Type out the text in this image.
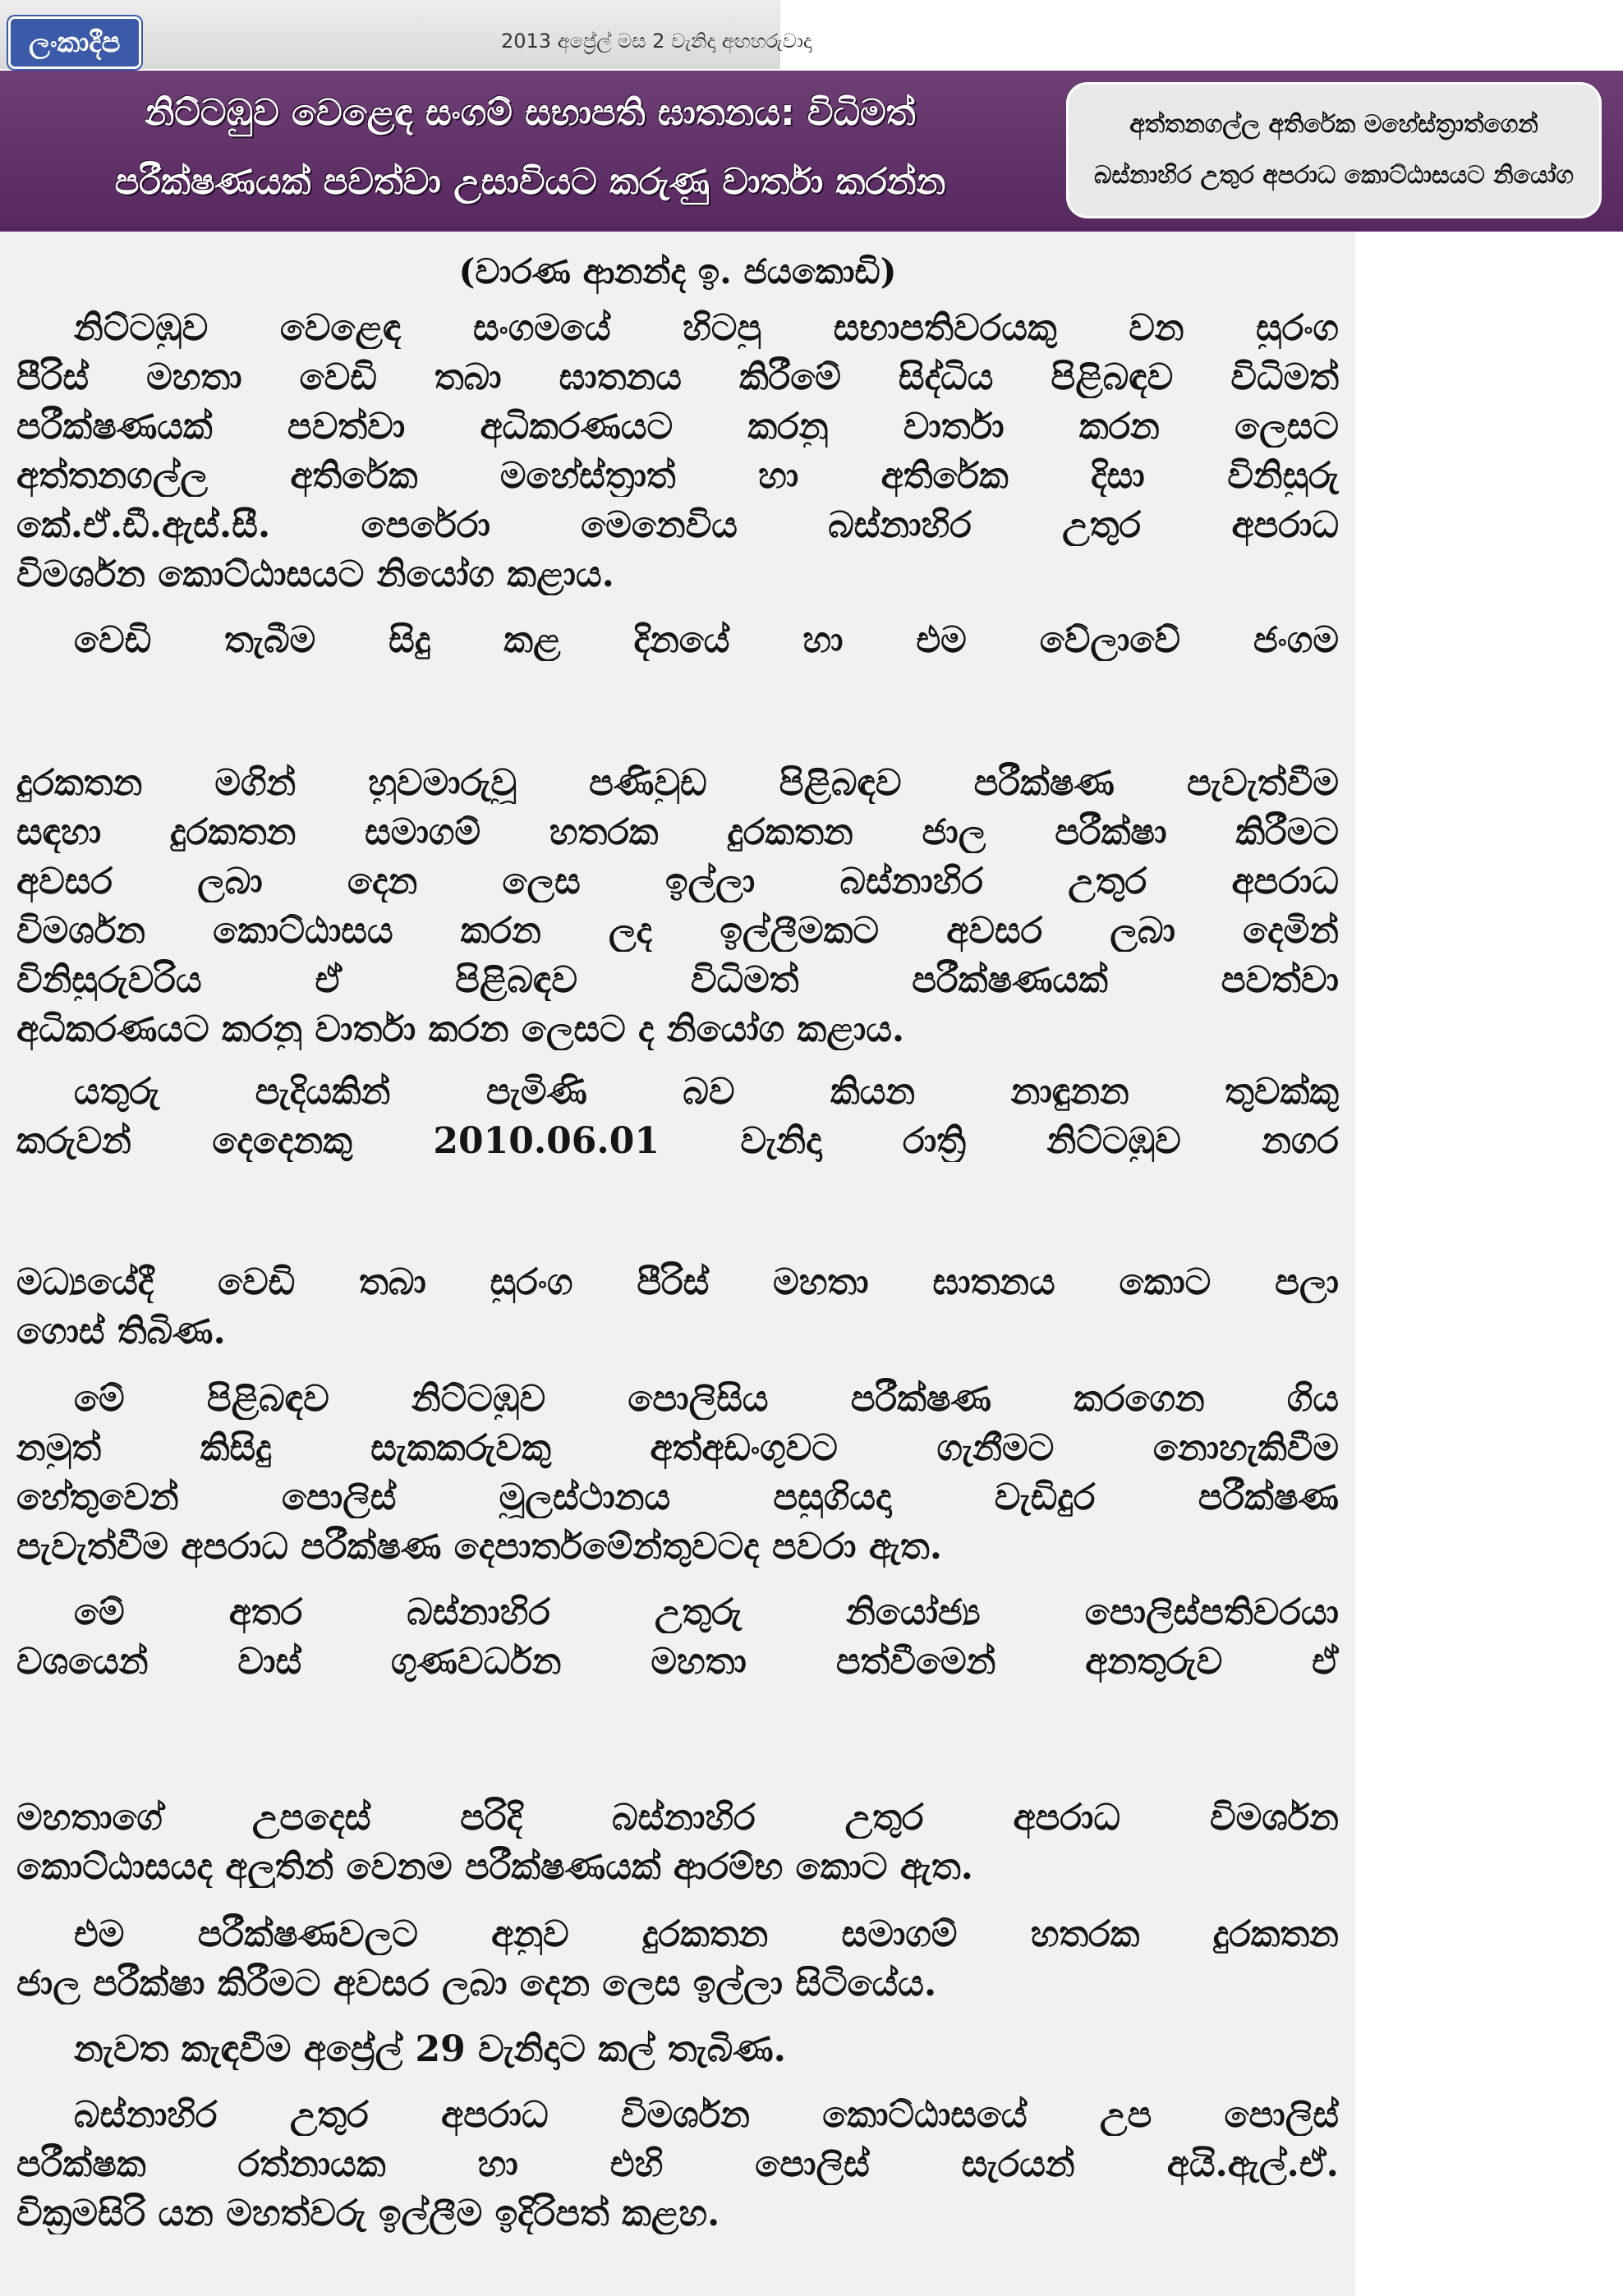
ලංකාදීප	2013 අප්‍රේල් මස 2 වැනිදා අඟහරුවාදා
නිට්ටඹුව වෙළෙඳ සංගම් සභාපති ඝාතනය: විධිමත්
පරීක්ෂණයක් පවත්වා උසාවියට කරුණු වාර්තා කරන්න
අත්තනගල්ල අතිරේක මහේස්ත්‍රාත්ගෙන්
බස්නාහිර උතුර අපරාධ කොට්ඨාසයට නියෝග
(වාරණ ආනන්ද ඉ. ජයකොඩි)
නිට්ටඹුව වෙළෙඳ සංගමයේ හිටපු සභාපතිවරයකු වන සුරංග
පීරිස් මහතා වෙඩි තබා ඝාතනය කිරීමේ සිද්ධිය පිළිබඳව විධිමත්
පරීක්ෂණයක් පවත්වා අධිකරණයට කරනු වාර්තා කරන ලෙසට
අත්තනගල්ල අතිරේක මහේස්ත්‍රාත් හා අතිරේක දිසා විනිසුරු
කේ.ඒ.ඩී.ඇස්.සී. පෙරේරා මෙනෙවිය බස්නාහිර උතුර අපරාධ
විමර්ශන කොට්ඨාසයට නියෝග කළාය.
වෙඩි තැබීම සිදු කළ දිනයේ හා එම වේලාවේ ජංගම
දුරකතන මගින් හුවමාරුවූ පණිවුඩ පිළිබඳව පරීක්ෂණ පැවැත්වීම
සඳහා දුරකතන සමාගම් හතරක දුරකතන ජාල පරීක්ෂා කිරීමට
අවසර ලබා දෙන ලෙස ඉල්ලා බස්නාහිර උතුර අපරාධ
විමර්ශන කොට්ඨාසය කරන ලද ඉල්ලීමකට අවසර ලබා දෙමින්
විනිසුරුවරිය ඒ පිළිබඳව විධිමත් පරීක්ෂණයක් පවත්වා
අධිකරණයට කරනු වාර්තා කරන ලෙසට ද නියෝග කළාය.
යතුරු පැදියකින් පැමිණි බව කියන නාඳුනන තුවක්කු
කරුවන් දෙදෙනකු 2010.06.01 වැනිදා රාත්‍රි නිට්ටඹුව නගර
මධ්‍යයේදී වෙඩි තබා සුරංග පීරිස් මහතා ඝාතනය කොට පලා
ගොස් තිබිණ.
මේ පිළිබඳව නිට්ටඹුව පොලිසිය පරීක්ෂණ කරගෙන ගිය
නමුත් කිසිදු සැකකරුවකු අත්අඩංගුවට ගැනීමට නොහැකිවීම
හේතුවෙන් පොලිස් මූලස්ථානය පසුගියදා වැඩිදුර පරීක්ෂණ
පැවැත්වීම අපරාධ පරීක්ෂණ දෙපාර්තමේන්තුවටද පවරා ඇත.
මේ අතර බස්නාහිර උතුරු නියෝජ්‍ය පොලිස්පතිවරයා
වශයෙන් වාස් ගුණවර්ධන මහතා පත්වීමෙන් අනතුරුව ඒ
මහතාගේ උපදෙස් පරිදි බස්නාහිර උතුර අපරාධ විමර්ශන
කොට්ඨාසයද අලුතින් වෙනම පරීක්ෂණයක් ආරම්භ කොට ඇත.
එම පරීක්ෂණවලට අනුව දුරකතන සමාගම් හතරක දුරකතන
ජාල පරීක්ෂා කිරීමට අවසර ලබා දෙන ලෙස ඉල්ලා සිටියේය.
නැවත කැඳවීම අප්‍රේල් 29 වැනිදාට කල් තැබිණ.
බස්නාහිර උතුර අපරාධ විමර්ශන කොට්ඨාසයේ උප පොලිස්
පරීක්ෂක රත්නායක හා එහි පොලිස් සැරයන් අයි.ඇල්.ඒ.
වික්‍රමසිරි යන මහත්වරු ඉල්ලීම ඉදිරිපත් කළහ.
